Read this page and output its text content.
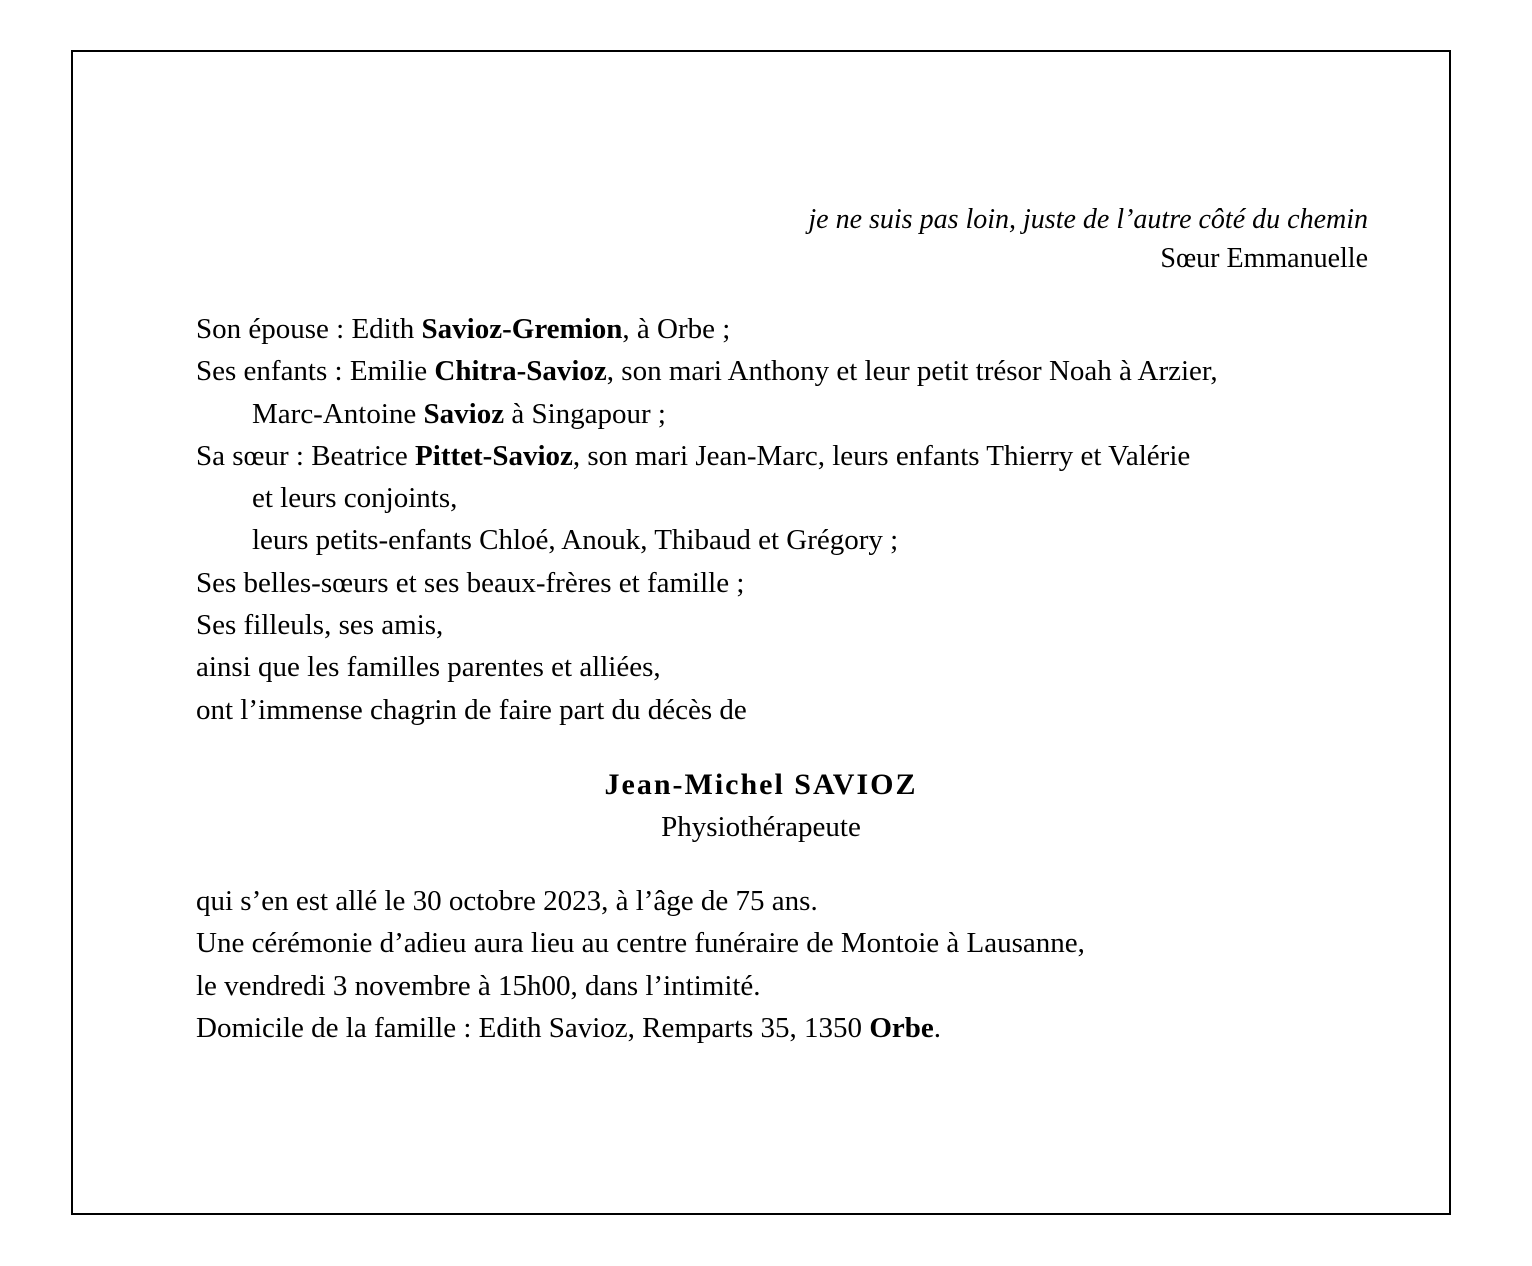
je ne suis pas loin, juste de l’autre côté du chemin
Sœur Emmanuelle
Son épouse : Edith Savioz-Gremion, à Orbe ;
Ses enfants : Emilie Chitra-Savioz, son mari Anthony et leur petit trésor Noah à Arzier,
Marc-Antoine Savioz à Singapour ;
Sa sœur : Beatrice Pittet-Savioz, son mari Jean-Marc, leurs enfants Thierry et Valérie
et leurs conjoints,
leurs petits-enfants Chloé, Anouk, Thibaud et Grégory ;
Ses belles-sœurs et ses beaux-frères et famille ;
Ses filleuls, ses amis,
ainsi que les familles parentes et alliées,
ont l’immense chagrin de faire part du décès de
Jean-Michel SAVIOZ
Physiothérapeute
qui s’en est allé le 30 octobre 2023, à l’âge de 75 ans.
Une cérémonie d’adieu aura lieu au centre funéraire de Montoie à Lausanne,
le vendredi 3 novembre à 15h00, dans l’intimité.
Domicile de la famille : Edith Savioz, Remparts 35, 1350 Orbe.
